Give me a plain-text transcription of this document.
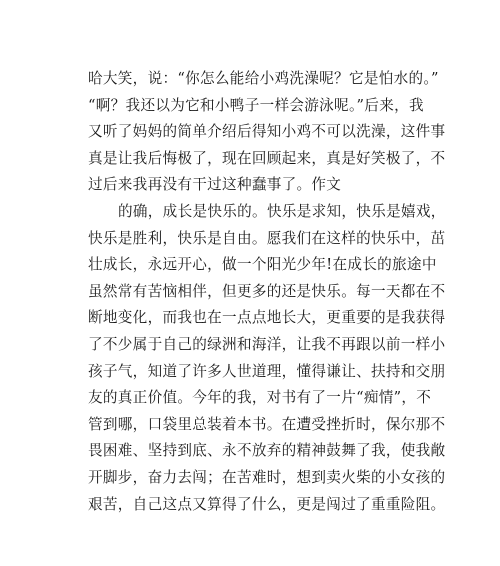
哈大笑，说：“你怎么能给小鸡洗澡呢？它是怕水的。”
“啊？我还以为它和小鸭子一样会游泳呢。”后来，我
又听了妈妈的简单介绍后得知小鸡不可以洗澡，这件事
真是让我后悔极了，现在回顾起来，真是好笑极了，不
过后来我再没有干过这种蠢事了。作文
的确，成长是快乐的。快乐是求知，快乐是嬉戏，
快乐是胜利，快乐是自由。愿我们在这样的快乐中，茁
壮成长，永远开心，做一个阳光少年!在成长的旅途中
虽然常有苦恼相伴，但更多的还是快乐。每一天都在不
断地变化，而我也在一点点地长大，更重要的是我获得
了不少属于自己的绿洲和海洋，让我不再跟以前一样小
孩子气，知道了许多人世道理，懂得谦让、扶持和交朋
友的真正价值。今年的我，对书有了一片“痴情”，不
管到哪，口袋里总装着本书。在遭受挫折时，保尔那不
畏困难、坚持到底、永不放弃的精神鼓舞了我，使我敞
开脚步，奋力去闯；在苦难时，想到卖火柴的小女孩的
艰苦，自己这点又算得了什么，更是闯过了重重险阻。
